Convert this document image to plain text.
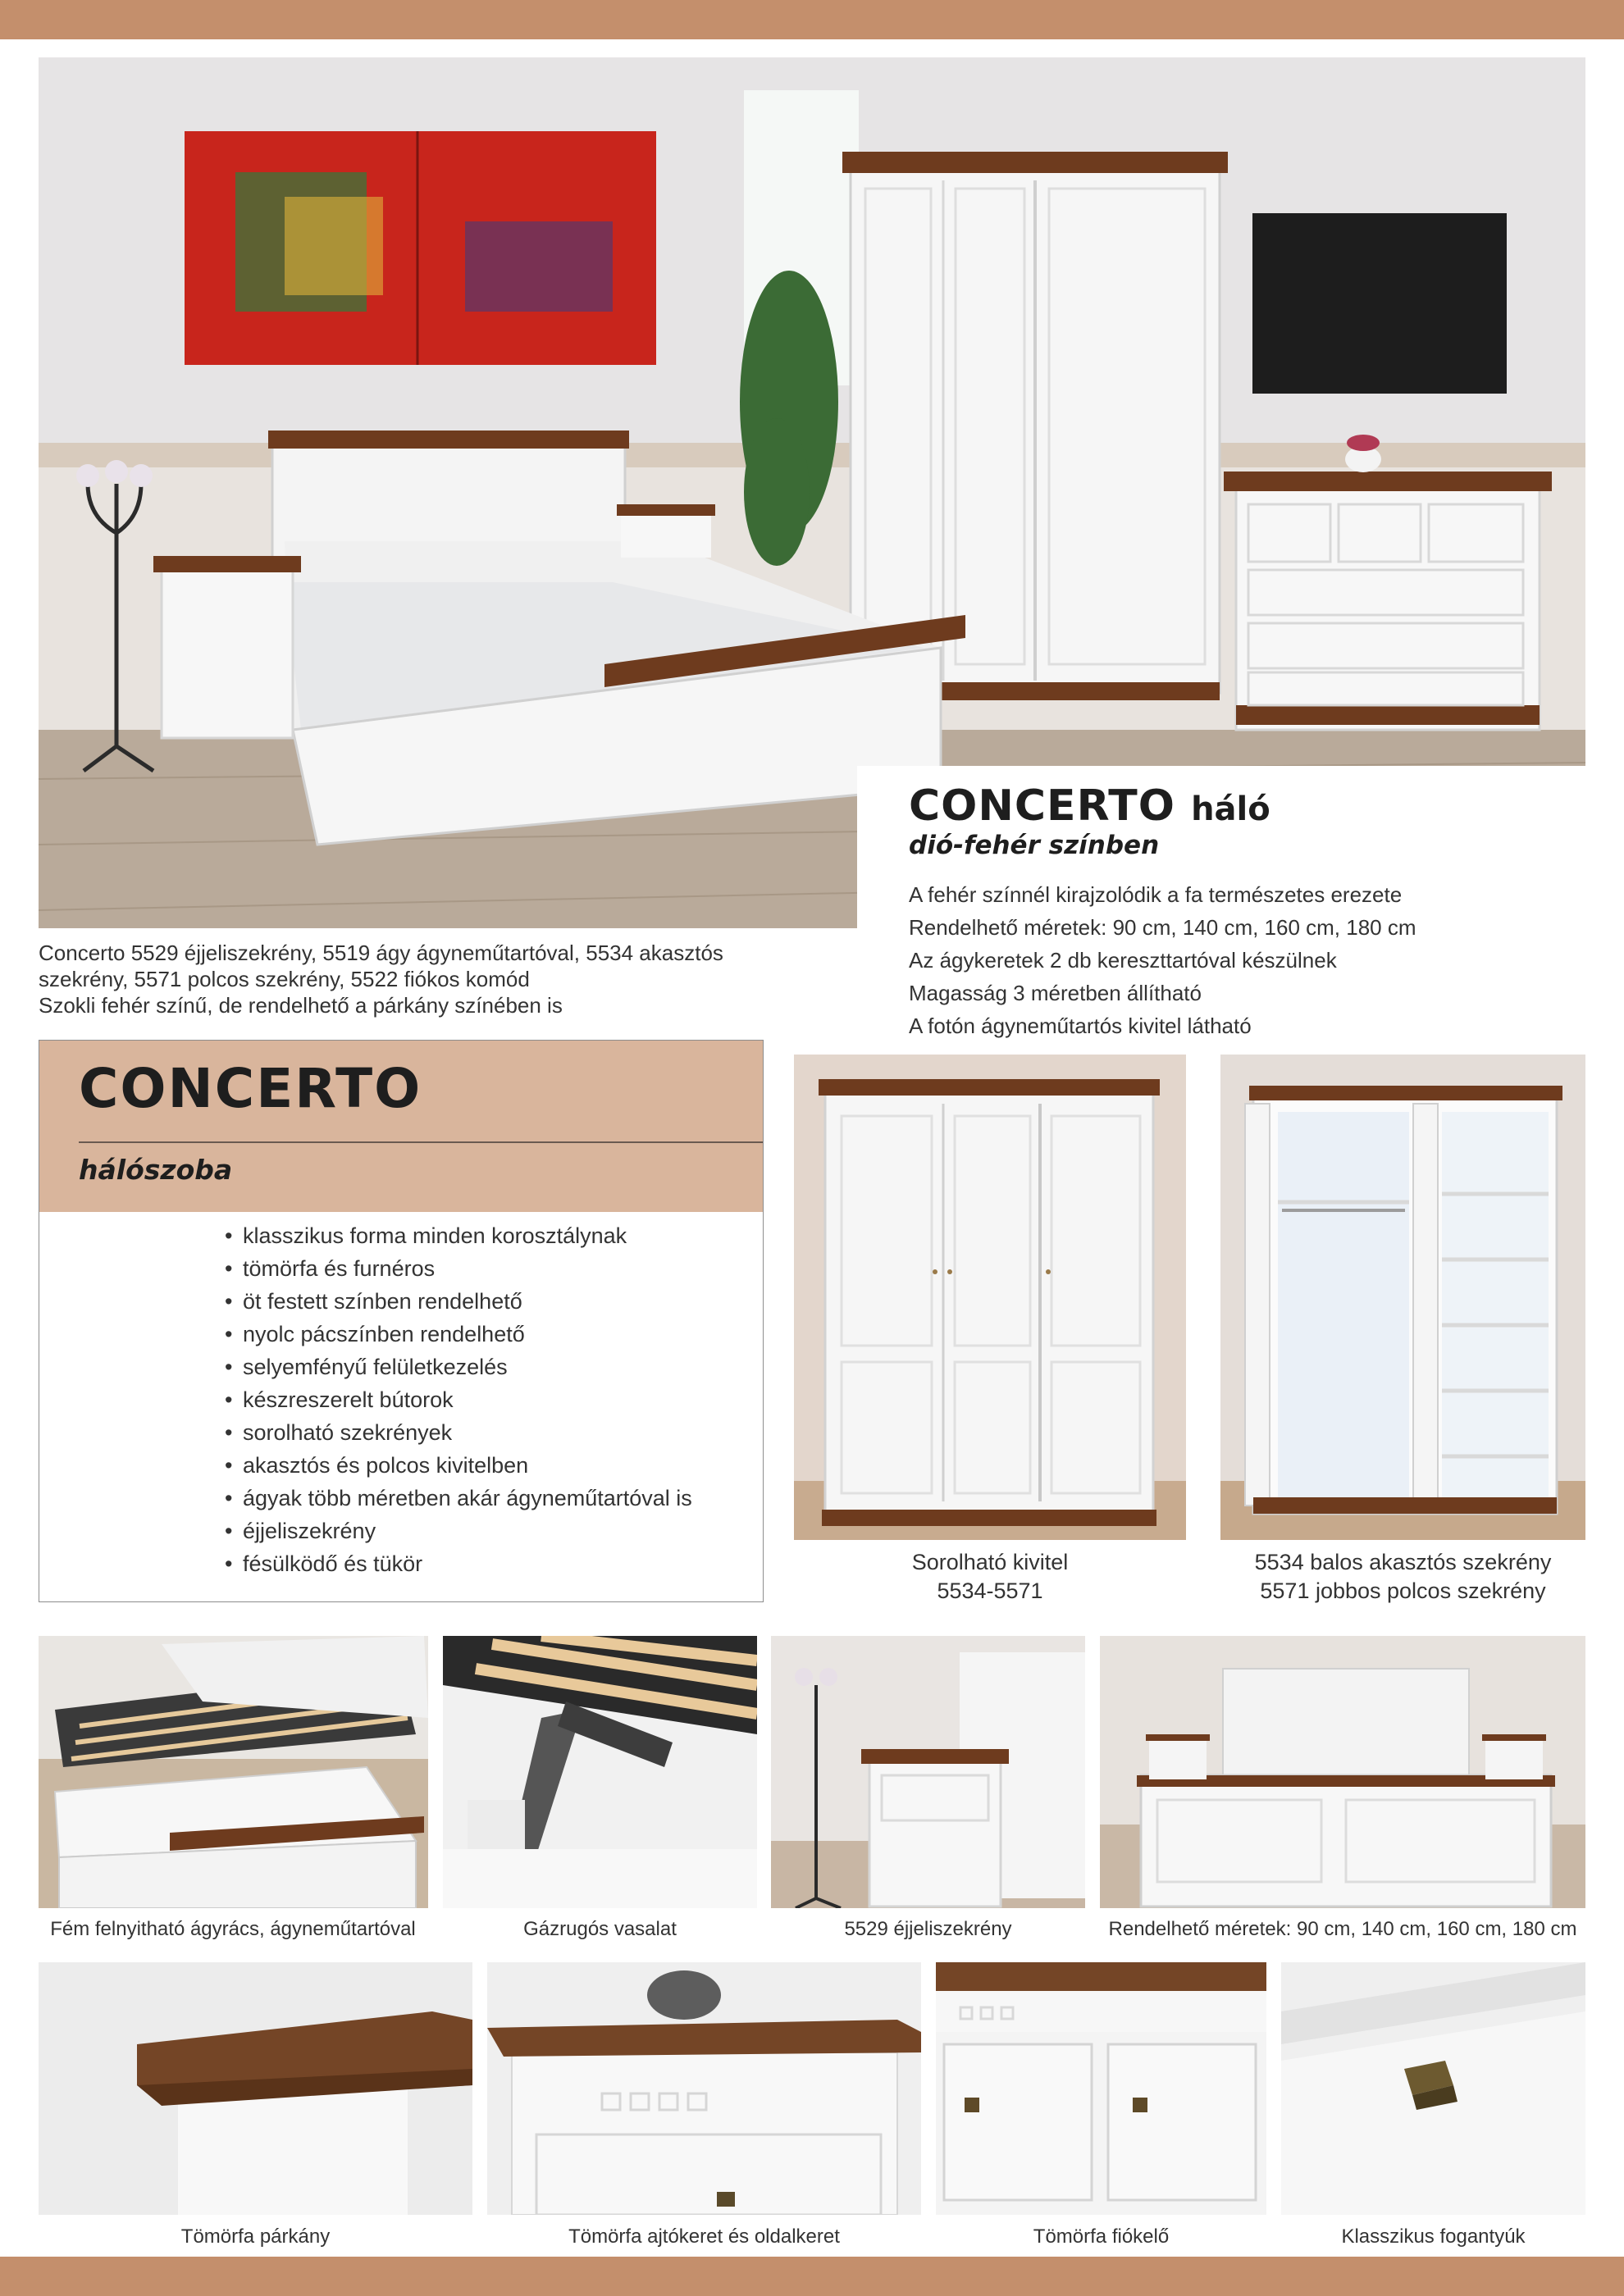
CONCERTO háló
dió-fehér színben
A fehér színnél kirajzolódik a fa természetes erezete
Rendelhető méretek: 90 cm, 140 cm, 160 cm, 180 cm
Az ágykeretek 2 db kereszttartóval készülnek
Magasság 3 méretben állítható
A fotón ágyneműtartós kivitel látható
Concerto 5529 éjjeliszekrény, 5519 ágy ágyneműtartóval, 5534 akasztós
szekrény, 5571 polcos szekrény, 5522 fiókos komód
Szokli fehér színű, de rendelhető a párkány színében is
CONCERTO
hálószoba
• klasszikus forma minden korosztálynak
• tömörfa és furnéros
• öt festett színben rendelhető
• nyolc pácszínben rendelhető
• selyemfényű felületkezelés
• készreszerelt bútorok
• sorolható szekrények
• akasztós és polcos kivitelben
• ágyak több méretben akár ágyneműtartóval is
• éjjeliszekrény
• fésülködő és tükör	Sorolható kivitel
5534-5571
5534 balos akasztós szekrény
5571 jobbos polcos szekrény
Fém felnyitható ágyrács, ágyneműtartóval	Gázrugós vasalat	5529 éjjeliszekrény	Rendelhető méretek: 90 cm, 140 cm, 160 cm, 180 cm
Tömörfa párkány	Tömörfa ajtókeret és oldalkeret	Tömörfa fiókelő	Klasszikus fogantyúk
